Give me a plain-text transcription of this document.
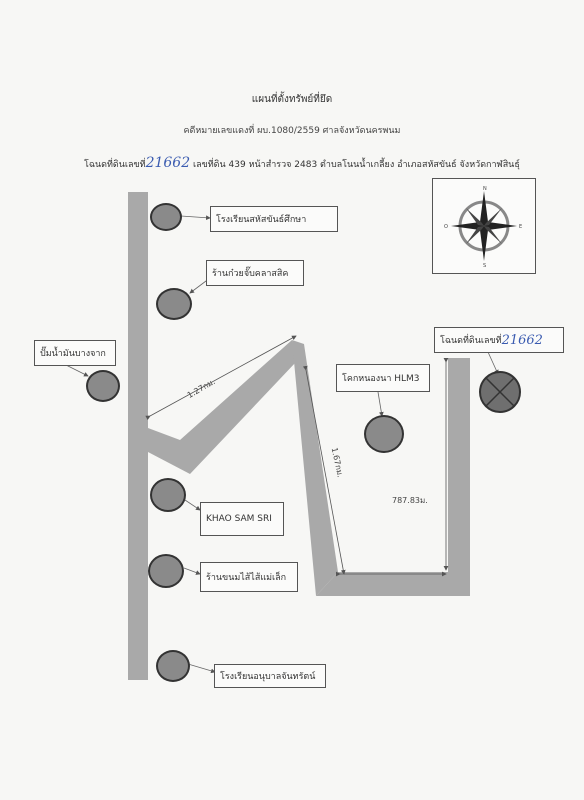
แผนที่ตั้งทรัพย์ที่ยึด
คดีหมายเลขแดงที่ ผบ.1080/2559 ศาลจังหวัดนครพนม
โฉนดที่ดินเลขที่21662 เลขที่ดิน 439 หน้าสำรวจ 2483 ตำบลโนนน้ำเกลี้ยง อำเภอสหัสขันธ์ จังหวัดกาฬสินธุ์
โรงเรียนสหัสขันธ์ศึกษา
ร้านก๋วยจั๊บคลาสสิค
ปั๊มน้ำมันบางจาก
โคกหนองนา HLM3
KHAO SAM SRI
ร้านขนมไส้ไส้แม่เล็ก
โรงเรียนอนุบาลจันทรัตน์
โฉนดที่ดินเลขที่ 21662
1.27กม.
1.67กม.
787.83ม.
N
E
S
O
